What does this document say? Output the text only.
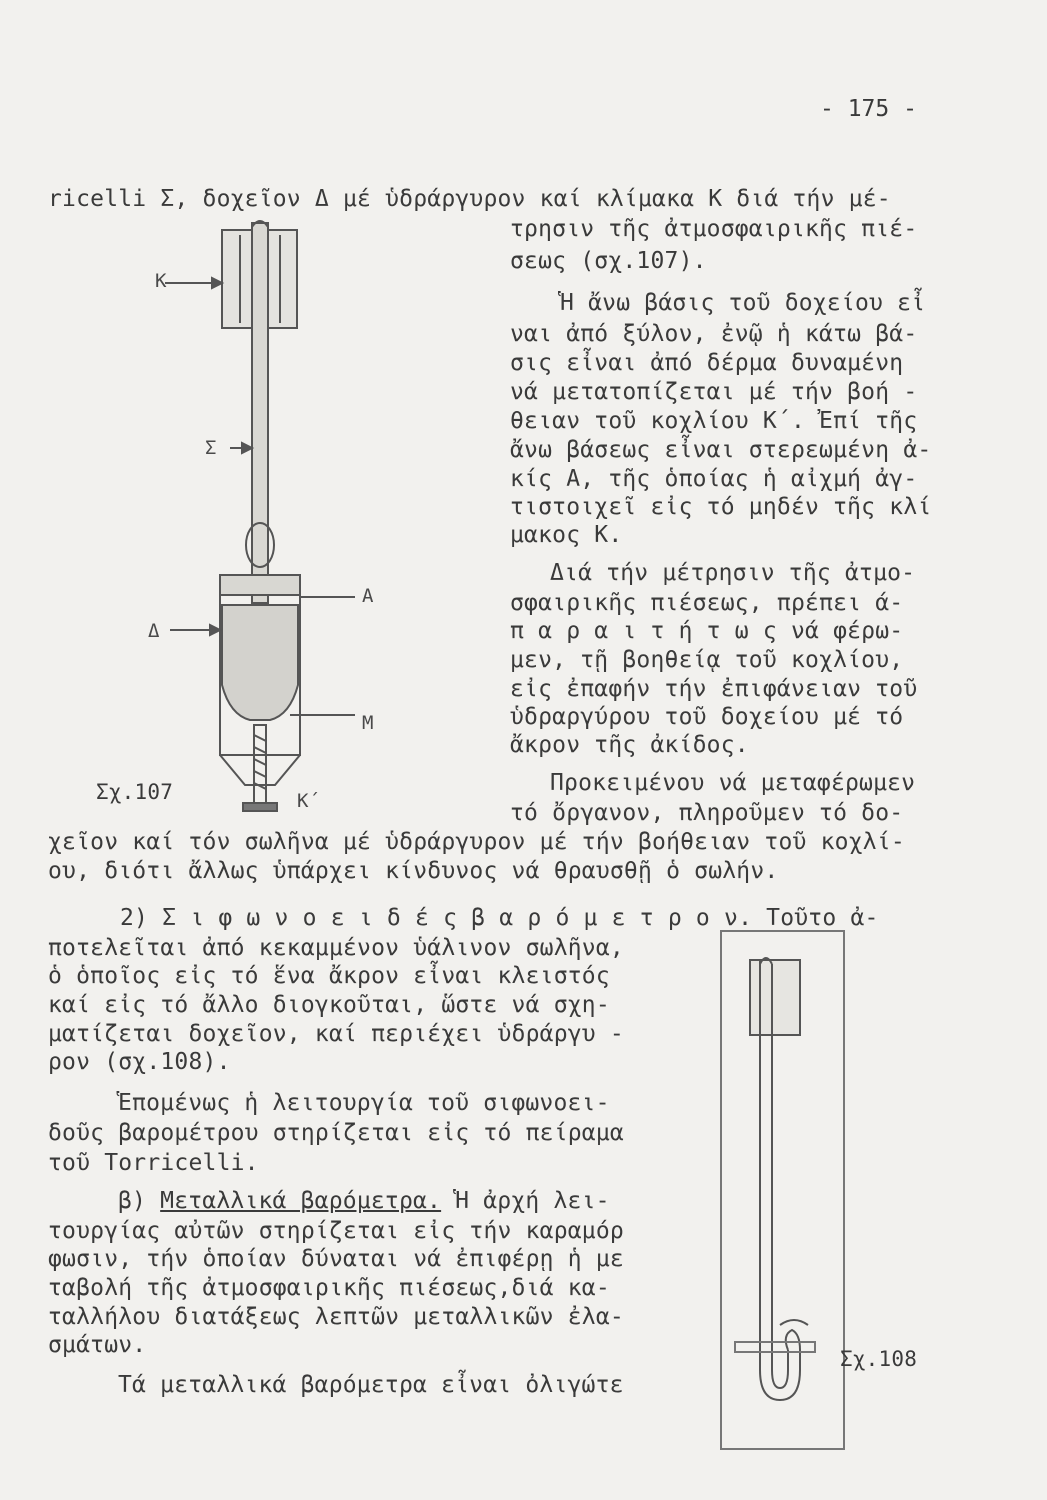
- 175 -
K
Σ
Δ
A
M
K΄
Σχ.107
Σχ.108
ricelli Σ, δοχεῖον Δ μέ ὑδράργυρον καί κλίμακα Κ διά τήν μέ-
τρησιν τῆς ἀτμοσφαιρικῆς πιέ-
σεως (σχ.107).
Ἡ ἄνω βάσις τοῦ δοχείου εἶ
ναι ἀπό ξύλον, ἐνῷ ἡ κάτω βά-
σις εἶναι ἀπό δέρμα δυναμένη
νά μετατοπίζεται μέ τήν βοή -
θειαν τοῦ κοχλίου Κ΄. Ἐπί τῆς
ἄνω βάσεως εἶναι στερεωμένη ἀ-
κίς Α, τῆς ὁποίας ἡ αἰχμή ἀγ-
τιστοιχεῖ εἰς τό μηδέν τῆς κλί
μακος Κ.
Διά τήν μέτρησιν τῆς ἀτμο-
σφαιρικῆς πιέσεως, πρέπει ά-
π α ρ α ι τ ή τ ω ς νά φέρω-
μεν, τῇ βοηθείᾳ τοῦ κοχλίου,
εἰς ἐπαφήν τήν ἐπιφάνειαν τοῦ
ὑδραργύρου τοῦ δοχείου μέ τό
ἄκρον τῆς ἀκίδος.
Προκειμένου νά μεταφέρωμεν
τό ὄργανον, πληροῦμεν τό δο-
χεῖον καί τόν σωλῆνα μέ ὑδράργυρον μέ τήν βοήθειαν τοῦ κοχλί-
ου, διότι ἄλλως ὑπάρχει κίνδυνος νά θραυσθῇ ὁ σωλήν.
2) Σ ι φ ω ν ο ε ι δ έ ς β α ρ ό μ ε τ ρ ο ν. Τοῦτο ἀ-
ποτελεῖται ἀπό κεκαμμένον ὑάλινον σωλῆνα,
ὁ ὁποῖος εἰς τό ἕνα ἄκρον εἶναι κλειστός
καί εἰς τό ἄλλο διογκοῦται, ὥστε νά σχη-
ματίζεται δοχεῖον, καί περιέχει ὑδράργυ -
ρον (σχ.108).
Ἑπομένως ἡ λειτουργία τοῦ σιφωνοει-
δοῦς βαρομέτρου στηρίζεται εἰς τό πείραμα
τοῦ Torricelli.
β) Μεταλλικά βαρόμετρα. Ἡ ἀρχή λει-
τουργίας αὐτῶν στηρίζεται εἰς τήν καραμόρ
φωσιν, τήν ὁποίαν δύναται νά ἐπιφέρῃ ἡ με
ταβολή τῆς ἀτμοσφαιρικῆς πιέσεως,διά κα-
ταλλήλου διατάξεως λεπτῶν μεταλλικῶν ἐλα-
σμάτων.
Τά μεταλλικά βαρόμετρα εἶναι ὀλιγώτε
